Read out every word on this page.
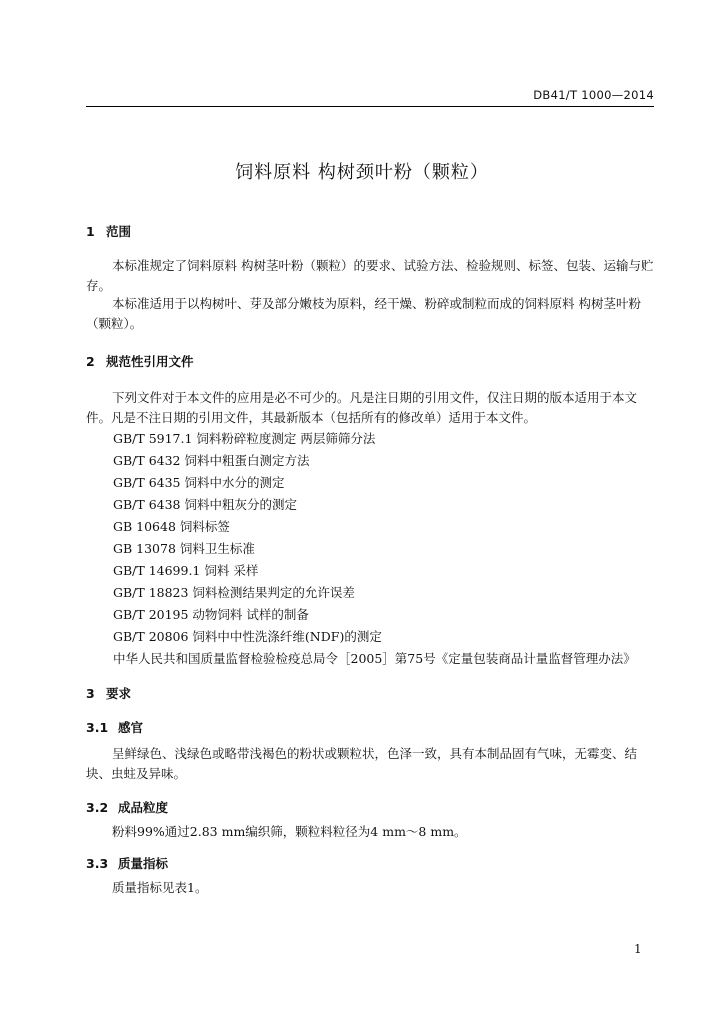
DB41/T 1000—2014
饲料原料 构树颈叶粉（颗粒）
1 范围
本标准规定了饲料原料 构树茎叶粉（颗粒）的要求、试验方法、检验规则、标签、包装、运输与贮存。
本标准适用于以构树叶、芽及部分嫩枝为原料，经干燥、粉碎或制粒而成的饲料原料 构树茎叶粉（颗粒）。
2 规范性引用文件
下列文件对于本文件的应用是必不可少的。凡是注日期的引用文件，仅注日期的版本适用于本文件。凡是不注日期的引用文件，其最新版本（包括所有的修改单）适用于本文件。
GB/T 5917.1 饲料粉碎粒度测定 两层筛筛分法
GB/T 6432 饲料中粗蛋白测定方法
GB/T 6435 饲料中水分的测定
GB/T 6438 饲料中粗灰分的测定
GB 10648 饲料标签
GB 13078 饲料卫生标准
GB/T 14699.1 饲料 采样
GB/T 18823 饲料检测结果判定的允许误差
GB/T 20195 动物饲料 试样的制备
GB/T 20806 饲料中中性洗涤纤维(NDF)的测定
中华人民共和国质量监督检验检疫总局令［2005］第75号《定量包装商品计量监督管理办法》
3 要求
3.1 感官
呈鲜绿色、浅绿色或略带浅褐色的粉状或颗粒状，色泽一致，具有本制品固有气味，无霉变、结块、虫蛀及异味。
3.2 成品粒度
粉料99%通过2.83 mm编织筛，颗粒料粒径为4 mm～8 mm。
3.3 质量指标
质量指标见表1。
1
